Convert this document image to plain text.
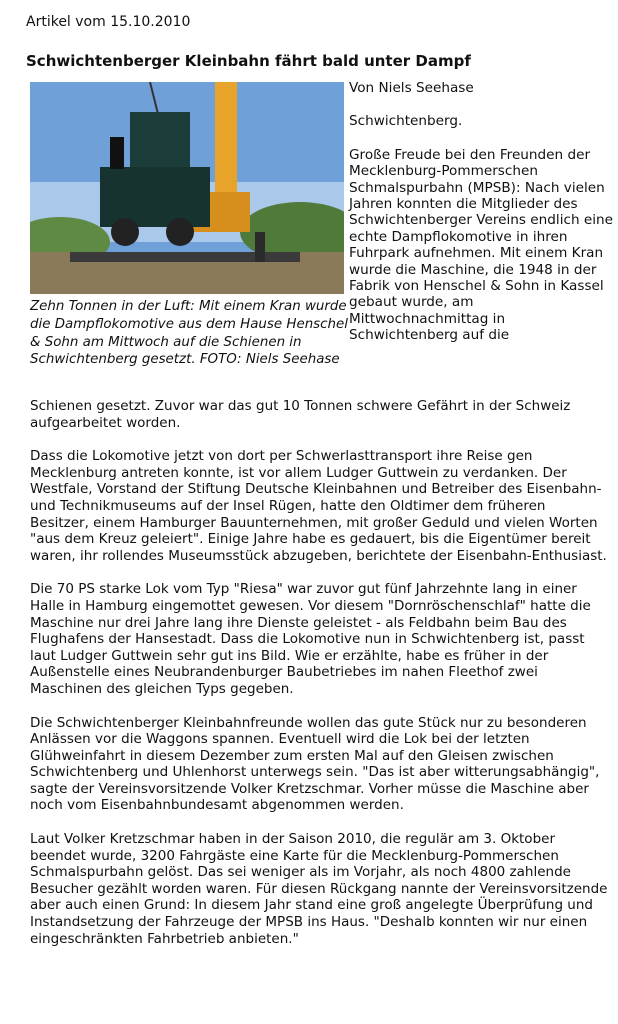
Artikel vom 15.10.2010
Schwichtenberger Kleinbahn fährt bald unter Dampf
Zehn Tonnen in der Luft: Mit einem Kran wurde die Dampflokomotive aus dem Hause Henschel & Sohn am Mittwoch auf die Schienen in Schwichtenberg gesetzt. FOTO: Niels Seehase

Von Niels Seehase

Schwichtenberg.

Große Freude bei den Freunden der Mecklenburg-Pommerschen Schmalspurbahn (MPSB): Nach vielen Jahren konnten die Mitglieder des Schwichtenberger Vereins endlich eine echte Dampflokomotive in ihren Fuhrpark aufnehmen. Mit einem Kran wurde die Maschine, die 1948 in der Fabrik von Henschel & Sohn in Kassel gebaut wurde, am Mittwochnachmittag in Schwichtenberg auf die

Schienen gesetzt. Zuvor war das gut 10 Tonnen schwere Gefährt in der Schweiz aufgearbeitet worden.

Dass die Lokomotive jetzt von dort per Schwerlasttransport ihre Reise gen Mecklenburg antreten konnte, ist vor allem Ludger Guttwein zu verdanken. Der Westfale, Vorstand der Stiftung Deutsche Kleinbahnen und Betreiber des Eisenbahn- und Technikmuseums auf der Insel Rügen, hatte den Oldtimer dem früheren Besitzer, einem Hamburger Bauunternehmen, mit großer Geduld und vielen Worten "aus dem Kreuz geleiert". Einige Jahre habe es gedauert, bis die Eigentümer bereit waren, ihr rollendes Museumsstück abzugeben, berichtete der Eisenbahn-Enthusiast.

Die 70 PS starke Lok vom Typ "Riesa" war zuvor gut fünf Jahrzehnte lang in einer Halle in Hamburg eingemottet gewesen. Vor diesem "Dornröschenschlaf" hatte die Maschine nur drei Jahre lang ihre Dienste geleistet - als Feldbahn beim Bau des Flughafens der Hansestadt. Dass die Lokomotive nun in Schwichtenberg ist, passt laut Ludger Guttwein sehr gut ins Bild. Wie er erzählte, habe es früher in der Außenstelle eines Neubrandenburger Baubetriebes im nahen Fleethof zwei Maschinen des gleichen Typs gegeben.

Die Schwichtenberger Kleinbahnfreunde wollen das gute Stück nur zu besonderen Anlässen vor die Waggons spannen. Eventuell wird die Lok bei der letzten Glühweinfahrt in diesem Dezember zum ersten Mal auf den Gleisen zwischen Schwichtenberg und Uhlenhorst unterwegs sein. "Das ist aber witterungsabhängig", sagte der Vereinsvorsitzende Volker Kretzschmar. Vorher müsse die Maschine aber noch vom Eisenbahnbundesamt abgenommen werden.

Laut Volker Kretzschmar haben in der Saison 2010, die regulär am 3. Oktober beendet wurde, 3200 Fahrgäste eine Karte für die Mecklenburg-Pommerschen Schmalspurbahn gelöst. Das sei weniger als im Vorjahr, als noch 4800 zahlende Besucher gezählt worden waren. Für diesen Rückgang nannte der Vereinsvorsitzende aber auch einen Grund: In diesem Jahr stand eine groß angelegte Überprüfung und Instandsetzung der Fahrzeuge der MPSB ins Haus. "Deshalb konnten wir nur einen eingeschränkten Fahrbetrieb anbieten."
